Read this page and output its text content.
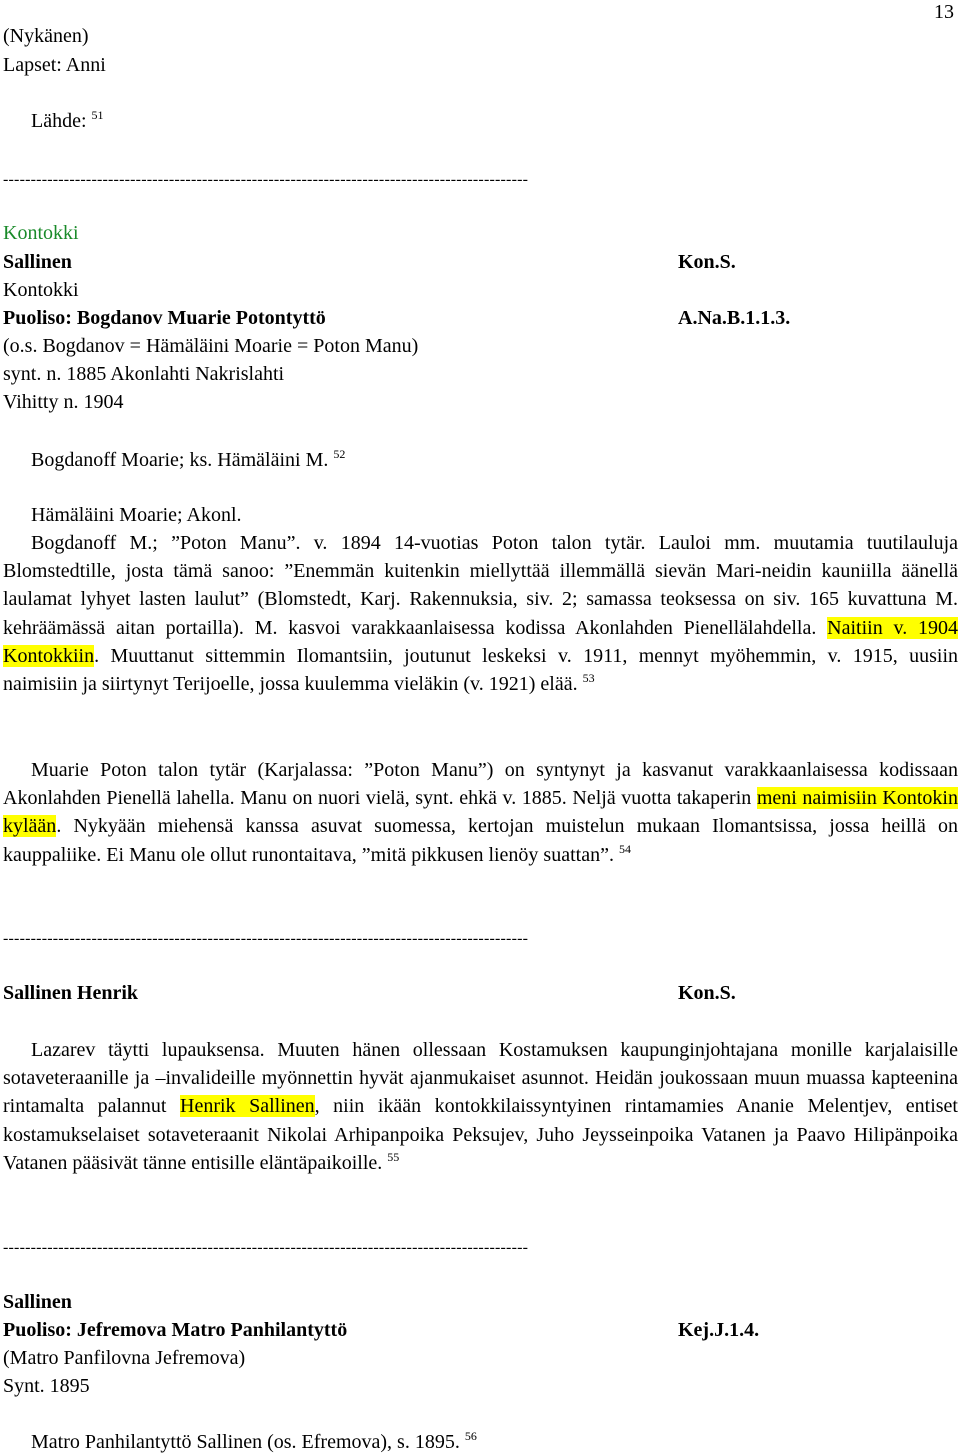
13
(Nykänen)
Lapset: Anni
Lähde: $^{51}$
-----------------------------------------------------------------------------------------------
Kontokki
Sallinen	Kon.S.
Kontokki
Puoliso: Bogdanov Muarie Potontyttö	A.Na.B.1.1.3.
(o.s. Bogdanov = Hämäläini Moarie = Poton Manu)
synt. n. 1885 Akonlahti Nakrislahti
Vihitty n. 1904
Bogdanoff Moarie; ks. Hämäläini M. $^{52}$
Hämäläini Moarie; Akonl.
Bogdanoff M.; ”Poton Manu”. v. 1894 14-vuotias Poton talon tytär. Lauloi mm. muutamia tuutilauluja Blomstedtille, josta tämä sanoo: ”Enemmän kuitenkin miellyttää illemmällä sievän Mari-neidin kauniilla äänellä laulamat lyhyet lasten laulut” (Blomstedt, Karj. Rakennuksia, siv. 2; samassa teoksessa on siv. 165 kuvattuna M. kehräämässä aitan portailla). M. kasvoi varakkaanlaisessa kodissa Akonlahden Pienellälahdella. Naitiin v. 1904 Kontokkiin. Muuttanut sittemmin Ilomantsiin, joutunut leskeksi v. 1911, mennyt myöhemmin, v. 1915, uusiin naimisiin ja siirtynyt Terijoelle, jossa kuulemma vieläkin (v. 1921) elää. $^{53}$
Muarie Poton talon tytär (Karjalassa: ”Poton Manu”) on syntynyt ja kasvanut varakkaanlaisessa kodissaan Akonlahden Pienellä lahella. Manu on nuori vielä, synt. ehkä v. 1885. Neljä vuotta takaperin meni naimisiin Kontokin kylään. Nykyään miehensä kanssa asuvat suomessa, kertojan muistelun mukaan Ilomantsissa, jossa heillä on kauppaliike. Ei Manu ole ollut runontaitava, ”mitä pikkusen lienöy suattan”. $^{54}$
-----------------------------------------------------------------------------------------------
Sallinen Henrik	Kon.S.
Lazarev täytti lupauksensa. Muuten hänen ollessaan Kostamuksen kaupunginjohtajana monille karjalaisille sotaveteraanille ja –invalideille myönnettin hyvät ajanmukaiset asunnot. Heidän joukossaan muun muassa kapteenina rintamalta palannut Henrik Sallinen, niin ikään kontokkilaissyntyinen rintamamies Ananie Melentjev, entiset kostamukselaiset sotaveteraanit Nikolai Arhipanpoika Peksujev, Juho Jeysseinpoika Vatanen ja Paavo Hilipänpoika Vatanen pääsivät tänne entisille eläntäpaikoille. $^{55}$
-----------------------------------------------------------------------------------------------
Sallinen
Puoliso: Jefremova Matro Panhilantyttö	Kej.J.1.4.
(Matro Panfilovna Jefremova)
Synt. 1895
Matro Panhilantyttö Sallinen (os. Efremova), s. 1895. $^{56}$
